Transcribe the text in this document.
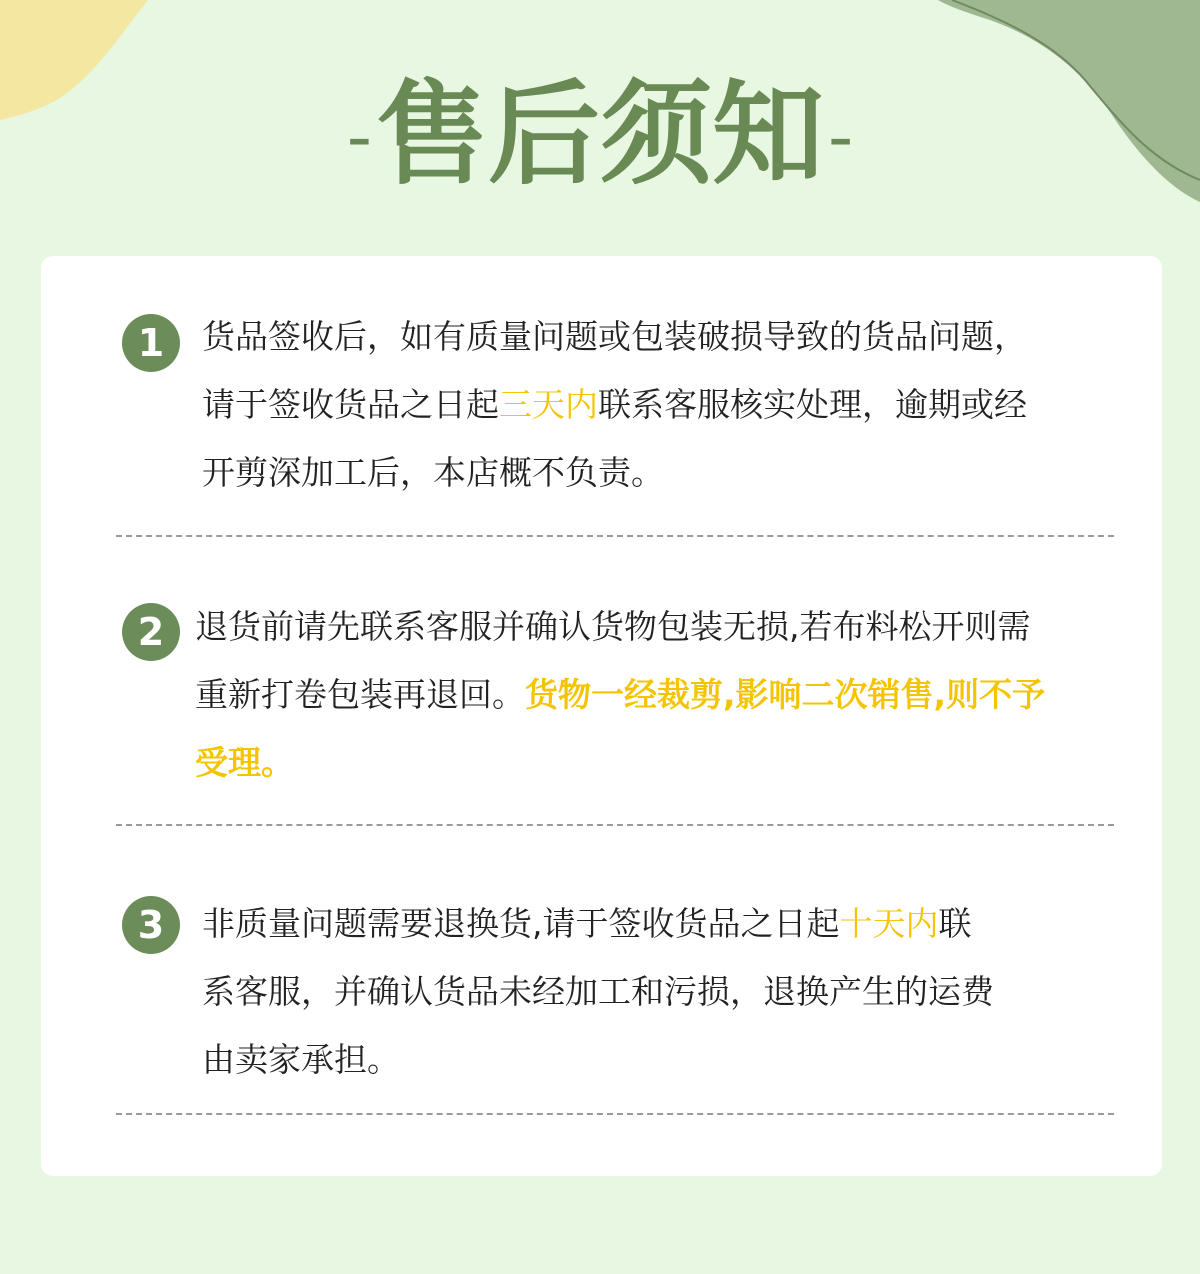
-售后须知-
1	货品签收后，如有质量问题或包装破损导致的货品问题，
请于签收货品之日起三天内联系客服核实处理，逾期或经
开剪深加工后，本店概不负责。
2 退货前请先联系客服并确认货物包装无损,若布料松开则需
重新打卷包装再退回。货物一经裁剪,影响二次销售,则不予
受理。
3	非质量问题需要退换货,请于签收货品之日起十天内联
系客服，并确认货品未经加工和污损，退换产生的运费
由卖家承担。
